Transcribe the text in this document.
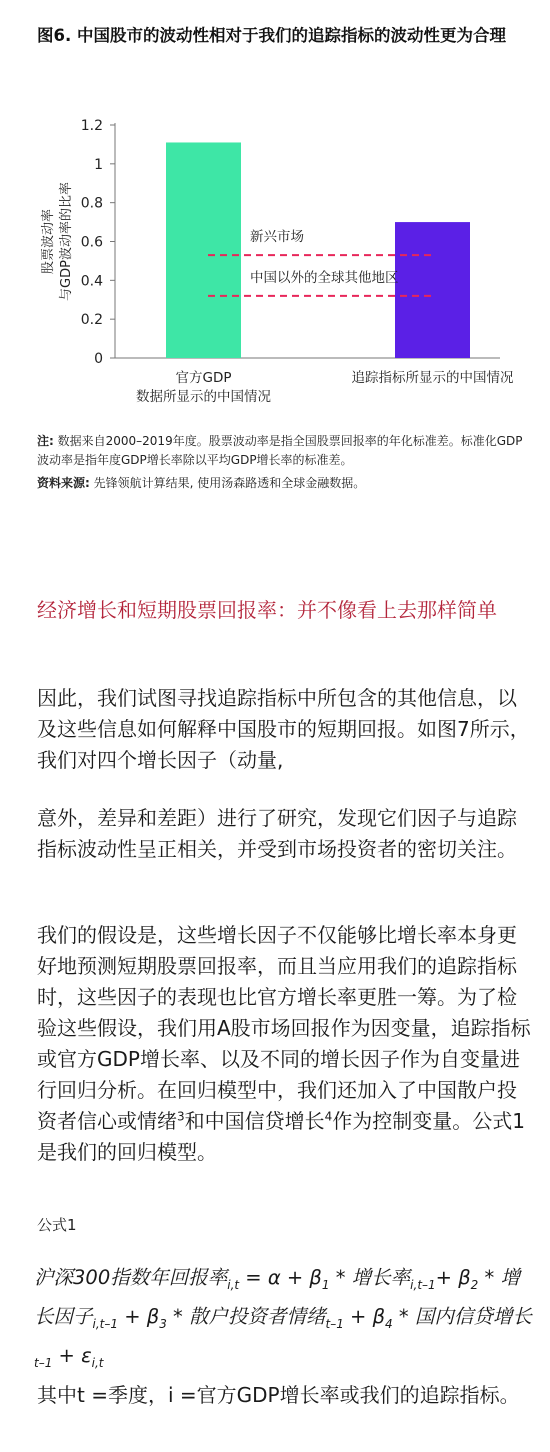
图6. 中国股市的波动性相对于我们的追踪指标的波动性更为合理
0
0.2
0.4
0.6
0.8
1
1.2
股票波动率 与GDP波动率的比率
官方GDP
数据所显示的中国情况
追踪指标所显示的中国情况
新兴市场
中国以外的全球其他地区

注: 数据来自2000–2019年度。股票波动率是指全国股票回报率的年化标准差。标准化GDP波动率是指年度GDP增长率除以平均GDP增长率的标准差。

资料来源: 先锋领航计算结果, 使用汤森路透和全球金融数据。

经济增长和短期股票回报率：并不像看上去那样简单

因此，我们试图寻找追踪指标中所包含的其他信息，以及这些信息如何解释中国股市的短期回报。如图7所示，我们对四个增长因子（动量,

意外，差异和差距）进行了研究，发现它们因子与追踪指标波动性呈正相关，并受到市场投资者的密切关注。

我们的假设是，这些增长因子不仅能够比增长率本身更好地预测短期股票回报率，而且当应用我们的追踪指标时，这些因子的表现也比官方增长率更胜一筹。为了检验这些假设，我们用A股市场回报作为因变量，追踪指标或官方GDP增长率、以及不同的增长因子作为自变量进行回归分析。在回归模型中，我们还加入了中国散户投资者信心或情绪$^3$和中国信贷增长$^4$作为控制变量。公式1是我们的回归模型。

公式1

沪深300指数年回报率$_{i,t} = \alpha + \beta_1$ * 增长率$_{i,t-1}+ \beta_2$ * 增长因子$_{i,t-1} + \beta_3$ * 散户投资者情绪$_{t-1} + \beta_4$ * 国内信贷增长$_{t-1} + \varepsilon_{i,t}$

其中t =季度，i =官方GDP增长率或我们的追踪指标。
